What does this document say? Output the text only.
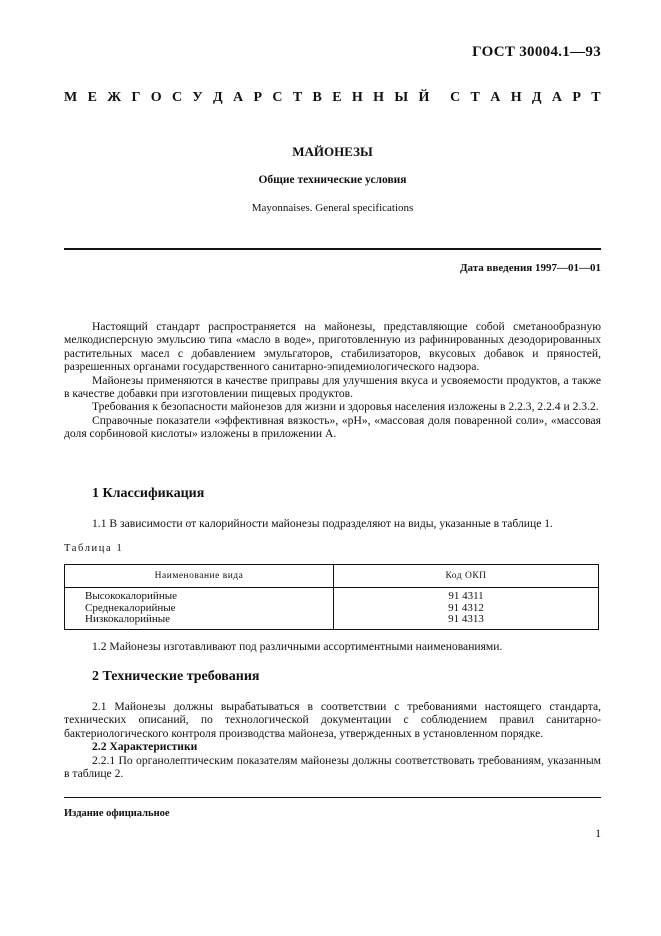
ГОСТ 30004.1—93
М Е Ж Г О С У Д А Р С Т В Е Н Н Ы Й С Т А Н Д А Р Т
МАЙОНЕЗЫ
Общие технические условия
Mayonnaises. General specifications
Дата введения 1997—01—01

Настоящий стандарт распространяется на майонезы, представляющие собой сметанообразную мелкодисперсную эмульсию типа «масло в воде», приготовленную из рафинированных дезодорированных растительных масел с добавлением эмульгаторов, стабилизаторов, вкусовых добавок и пряностей, разрешенных органами государственного санитарно-эпидемиологического надзора.

Майонезы применяются в качестве приправы для улучшения вкуса и усвояемости продуктов, а также в качестве добавки при изготовлении пищевых продуктов.

Требования к безопасности майонезов для жизни и здоровья населения изложены в 2.2.3, 2.2.4 и 2.3.2.

Справочные показатели «эффективная вязкость», «рН», «массовая доля поваренной соли», «массовая доля сорбиновой кислоты» изложены в приложении А.

1 Классификация

1.1 В зависимости от калорийности майонезы подразделяют на виды, указанные в таблице 1.

Таблица 1
Наименование вида	Код ОКП
Высококалорийные	91 4311
Среднекалорийные	91 4312
Низкокалорийные	91 4313

1.2 Майонезы изготавливают под различными ассортиментными наименованиями.

2 Технические требования

2.1 Майонезы должны вырабатываться в соответствии с требованиями настоящего стандарта, технических описаний, по технологической документации с соблюдением правил санитарно-бактериологического контроля производства майонеза, утвержденных в установленном порядке.

2.2 Характеристики

2.2.1 По органолептическим показателям майонезы должны соответствовать требованиям, указанным в таблице 2.

Издание официальное
1
